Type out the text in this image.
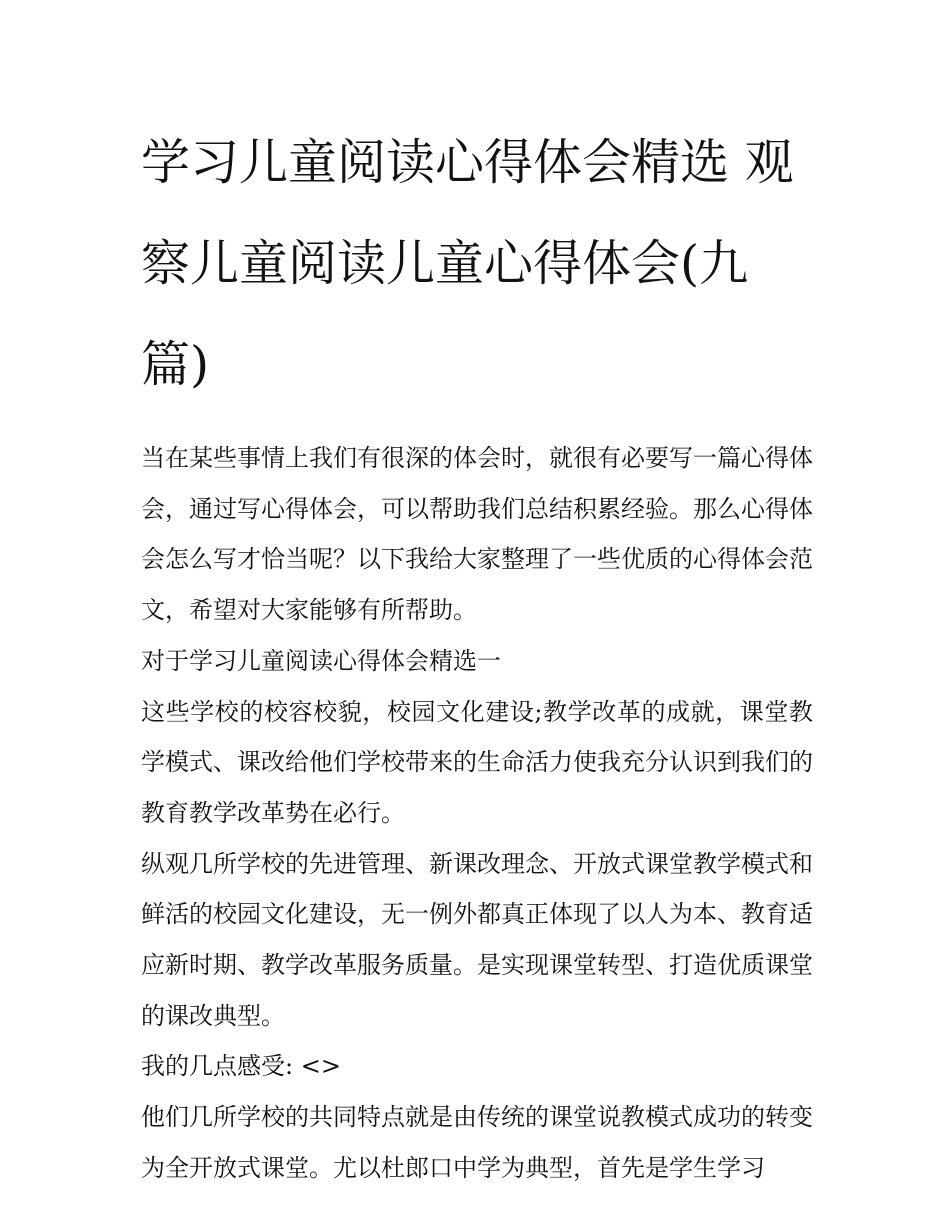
学习儿童阅读心得体会精选 观察儿童阅读儿童心得体会(九篇)

当在某些事情上我们有很深的体会时，就很有必要写一篇心得体会，通过写心得体会，可以帮助我们总结积累经验。那么心得体会怎么写才恰当呢？以下我给大家整理了一些优质的心得体会范文，希望对大家能够有所帮助。

对于学习儿童阅读心得体会精选一

这些学校的校容校貌，校园文化建设;教学改革的成就，课堂教学模式、课改给他们学校带来的生命活力使我充分认识到我们的教育教学改革势在必行。

纵观几所学校的先进管理、新课改理念、开放式课堂教学模式和鲜活的校园文化建设，无一例外都真正体现了以人为本、教育适应新时期、教学改革服务质量。是实现课堂转型、打造优质课堂的课改典型。

我的几点感受: <>

他们几所学校的共同特点就是由传统的课堂说教模式成功的转变为全开放式课堂。尤以杜郎口中学为典型，首先是学生学习
